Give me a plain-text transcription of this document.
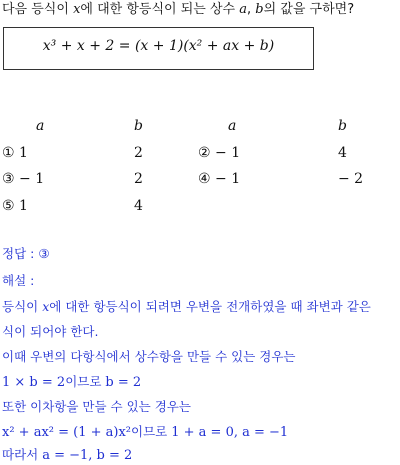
다음 등식이 x에 대한 항등식이 되는 상수 a, b의 값을 구하면?
x³ + x + 2 = (x + 1)(x² + ax + b)
a	b	a	b
① 1	2	② − 1	4
③ − 1	2	④ − 1	− 2
⑤ 1	4
정답 : ③
해설 :
등식이 x에 대한 항등식이 되려면 우변을 전개하였을 때 좌변과 같은
식이 되어야 한다.
이때 우변의 다항식에서 상수항을 만들 수 있는 경우는
1 × b = 2이므로 b = 2
또한 이차항을 만들 수 있는 경우는
x² + ax² = (1 + a)x²이므로 1 + a = 0, a = −1
따라서 a = −1, b = 2
